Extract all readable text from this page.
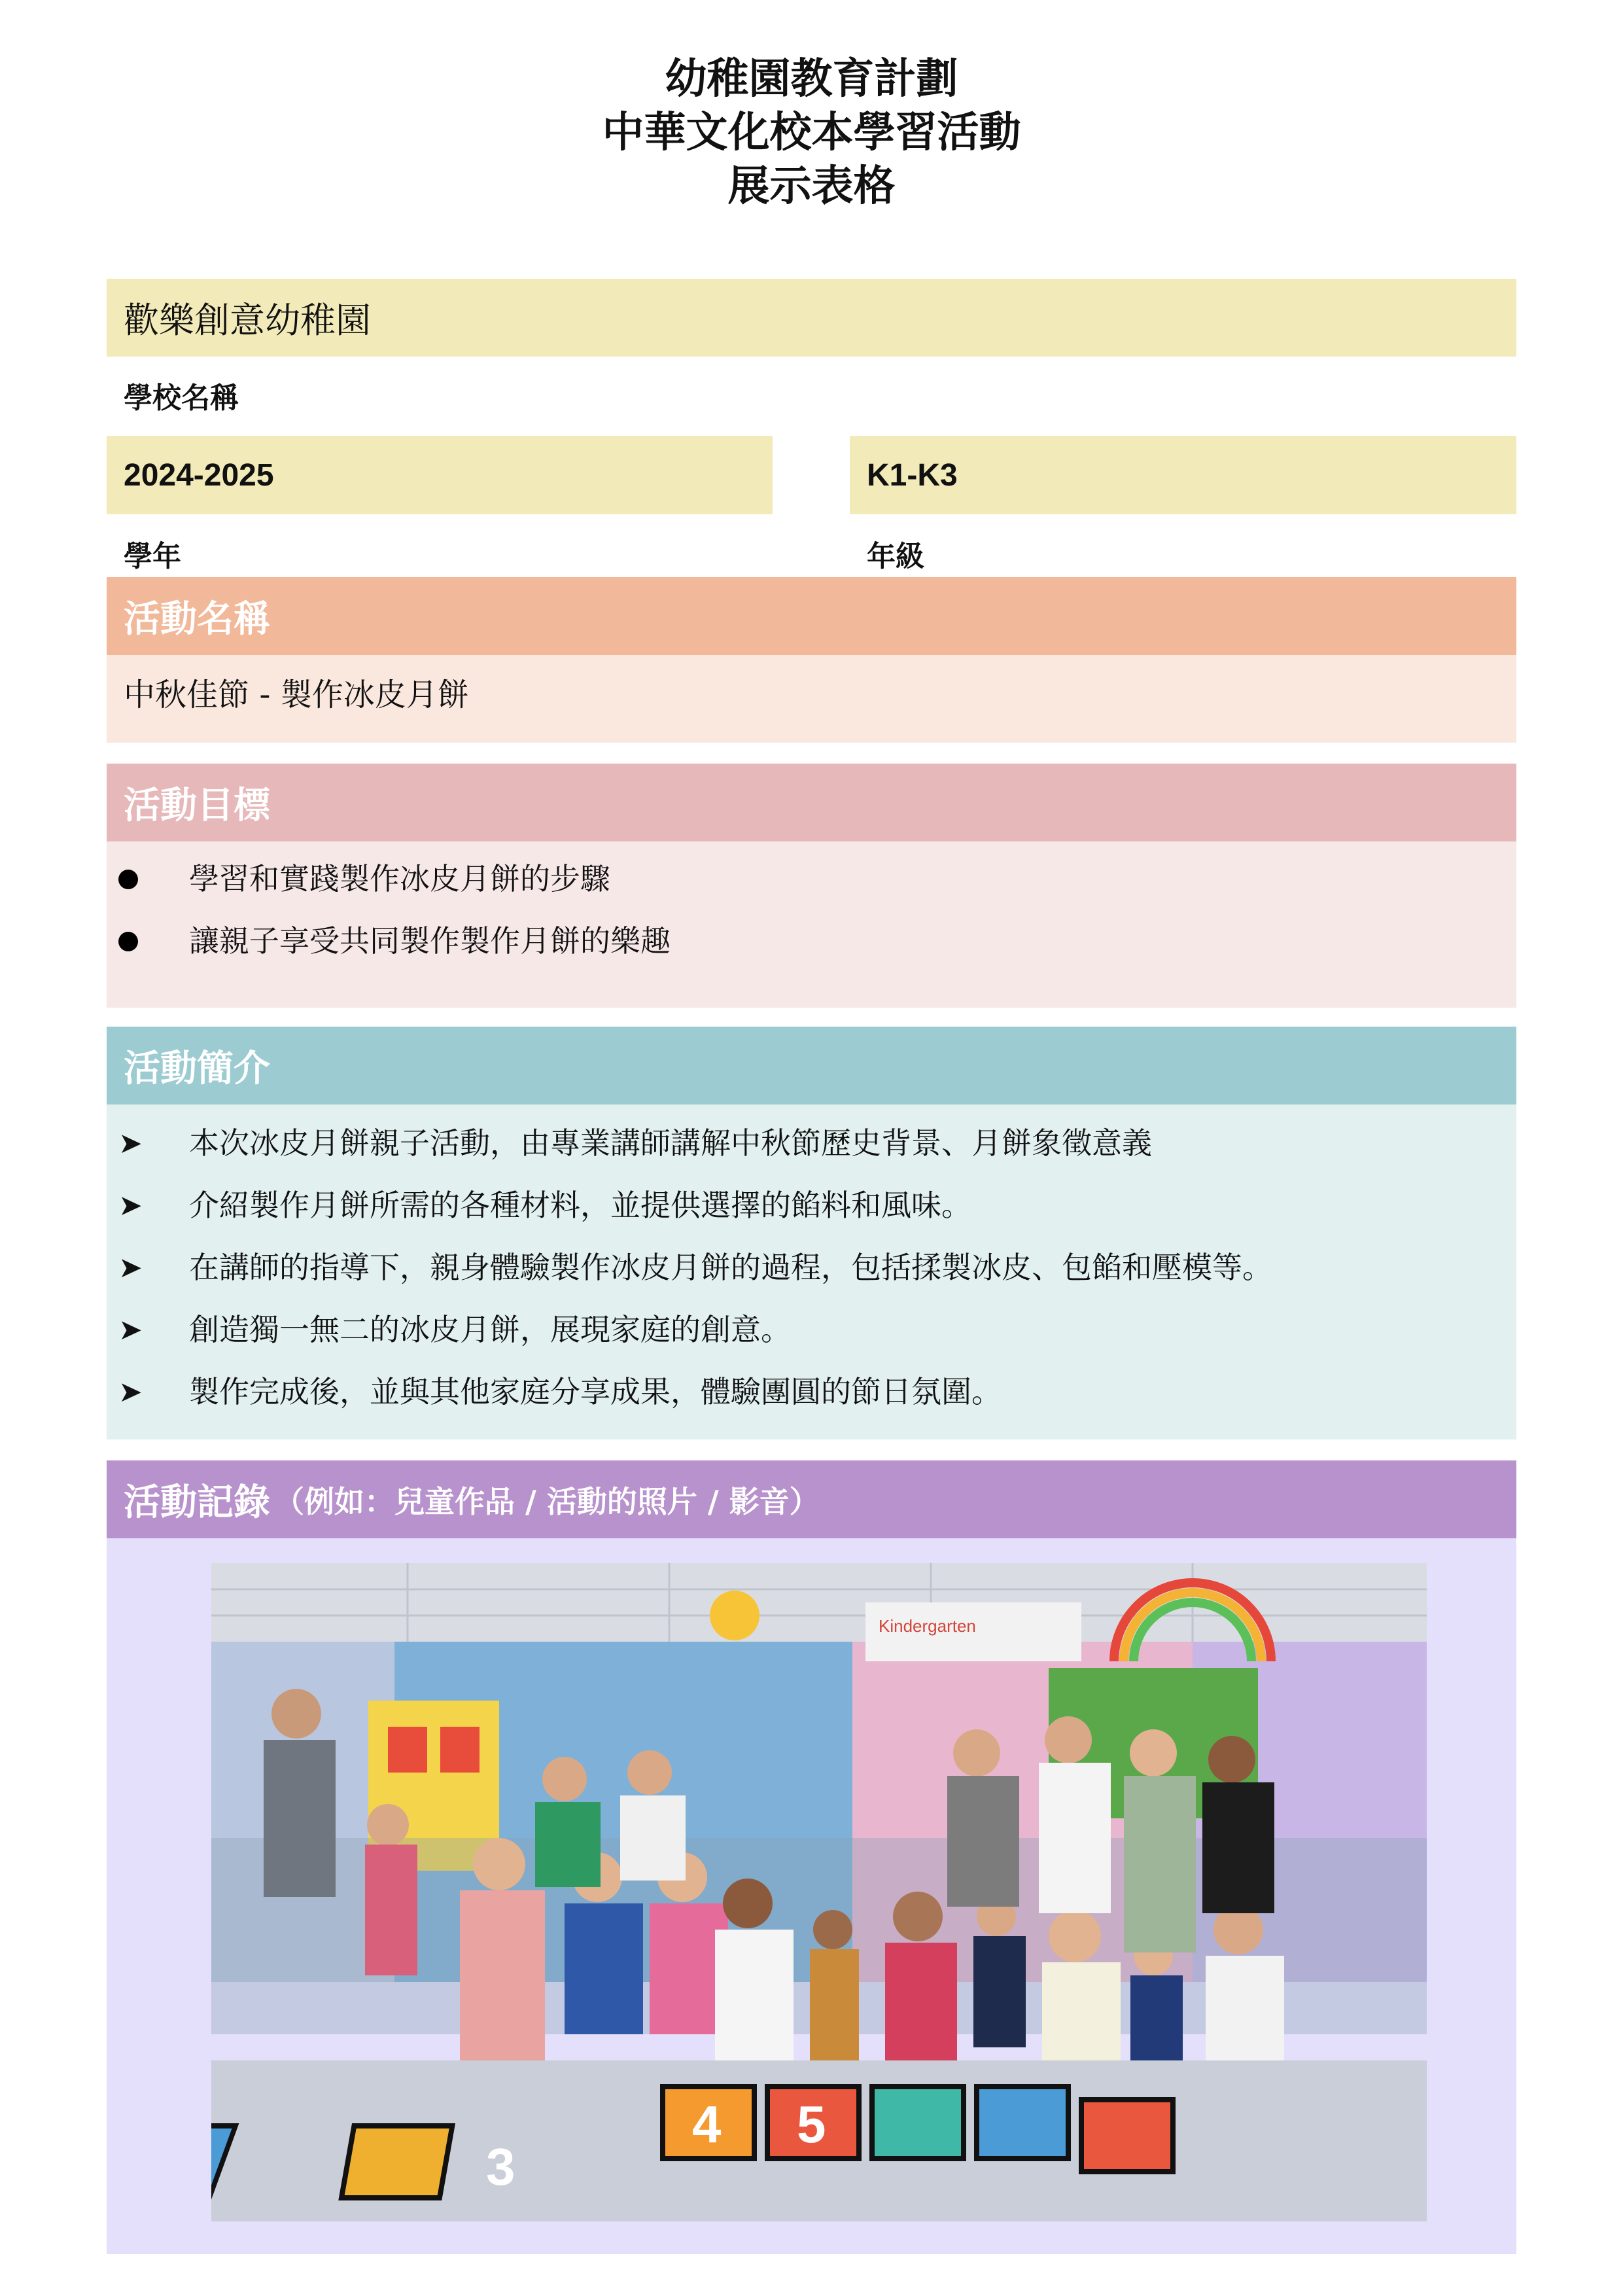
幼稚園教育計劃
中華文化校本學習活動
展示表格
歡樂創意幼稚園
學校名稱
2024-2025
學年
K1-K3
年級
活動名稱
中秋佳節 - 製作冰皮月餅
活動目標
學習和實踐製作冰皮月餅的步驟
讓親子享受共同製作製作月餅的樂趣
活動簡介
➤ 本次冰皮月餅親子活動，由專業講師講解中秋節歷史背景、月餅象徵意義
➤ 介紹製作月餅所需的各種材料，並提供選擇的餡料和風味。
➤ 在講師的指導下，親身體驗製作冰皮月餅的過程，包括揉製冰皮、包餡和壓模等。
➤ 創造獨一無二的冰皮月餅，展現家庭的創意。
➤ 製作完成後，並與其他家庭分享成果，體驗團圓的節日氛圍。
活動記錄 （例如：兒童作品 / 活動的照片 / 影音）
Kindergarten
3
4 5
